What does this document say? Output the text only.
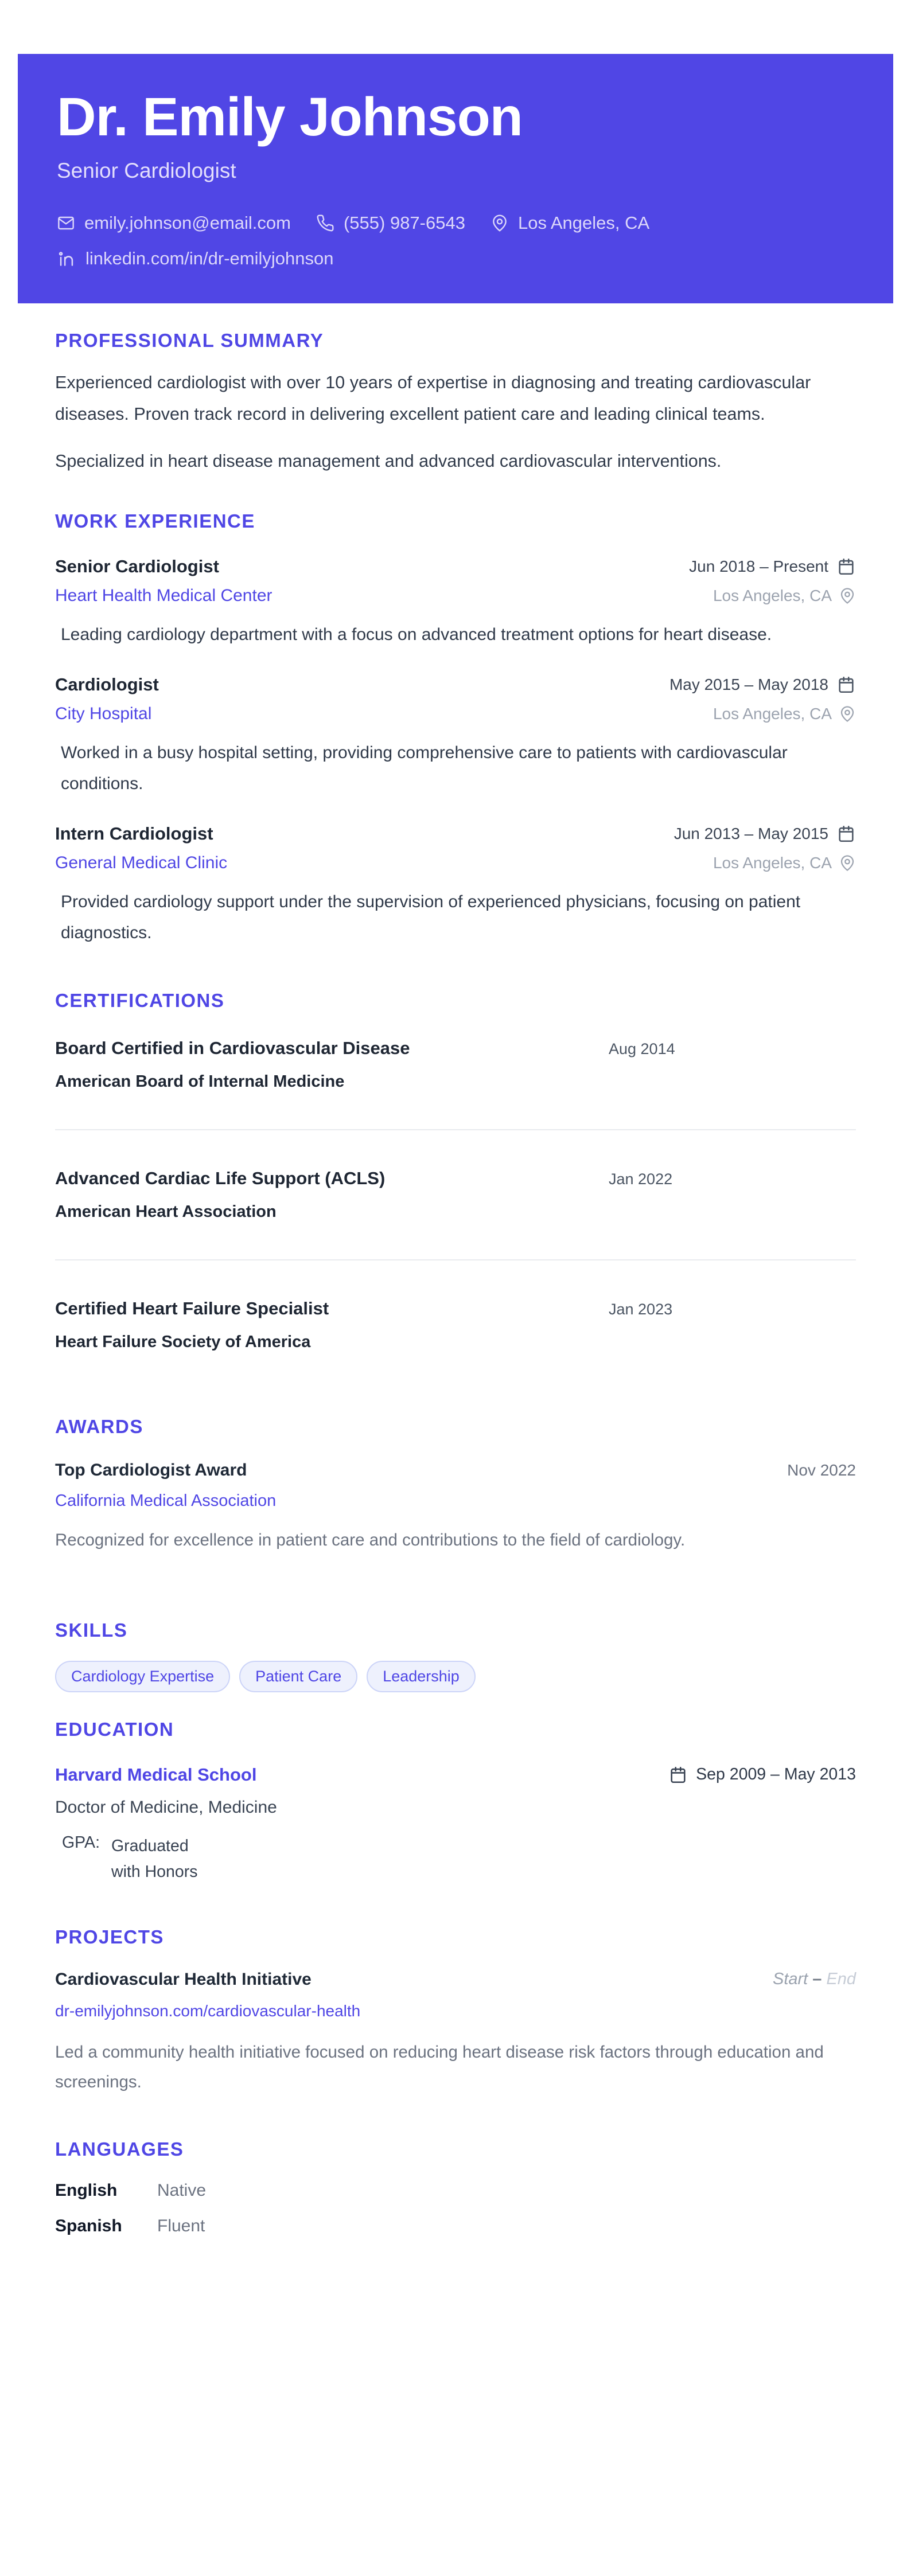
Dr. Emily Johnson
Senior Cardiologist
emily.johnson@email.com	(555) 987-6543	Los Angeles, CA
linkedin.com/in/dr-emilyjohnson
PROFESSIONAL SUMMARY

Experienced cardiologist with over 10 years of expertise in diagnosing and treating cardiovascular diseases. Proven track record in delivering excellent patient care and leading clinical teams.

Specialized in heart disease management and advanced cardiovascular interventions.

WORK EXPERIENCE
Senior Cardiologist	Jun 2018 – Present
Heart Health Medical Center	Los Angeles, CA

Leading cardiology department with a focus on advanced treatment options for heart disease.

Cardiologist	May 2015 – May 2018
City Hospital	Los Angeles, CA

Worked in a busy hospital setting, providing comprehensive care to patients with cardiovascular conditions.

Intern Cardiologist	Jun 2013 – May 2015
General Medical Clinic	Los Angeles, CA

Provided cardiology support under the supervision of experienced physicians, focusing on patient diagnostics.

CERTIFICATIONS
Board Certified in Cardiovascular Disease	Aug 2014
American Board of Internal Medicine
Advanced Cardiac Life Support (ACLS)	Jan 2022
American Heart Association
Certified Heart Failure Specialist	Jan 2023
Heart Failure Society of America
AWARDS
Top Cardiologist Award	Nov 2022
California Medical Association

Recognized for excellence in patient care and contributions to the field of cardiology.

SKILLS
Cardiology Expertise	Patient Care	Leadership
EDUCATION
Harvard Medical School	Sep 2009 – May 2013
Doctor of Medicine, Medicine
GPA: Graduated with Honors
PROJECTS
Cardiovascular Health Initiative	Start – End
dr-emilyjohnson.com/cardiovascular-health

Led a community health initiative focused on reducing heart disease risk factors through education and screenings.

LANGUAGES
English	Native
Spanish	Fluent
